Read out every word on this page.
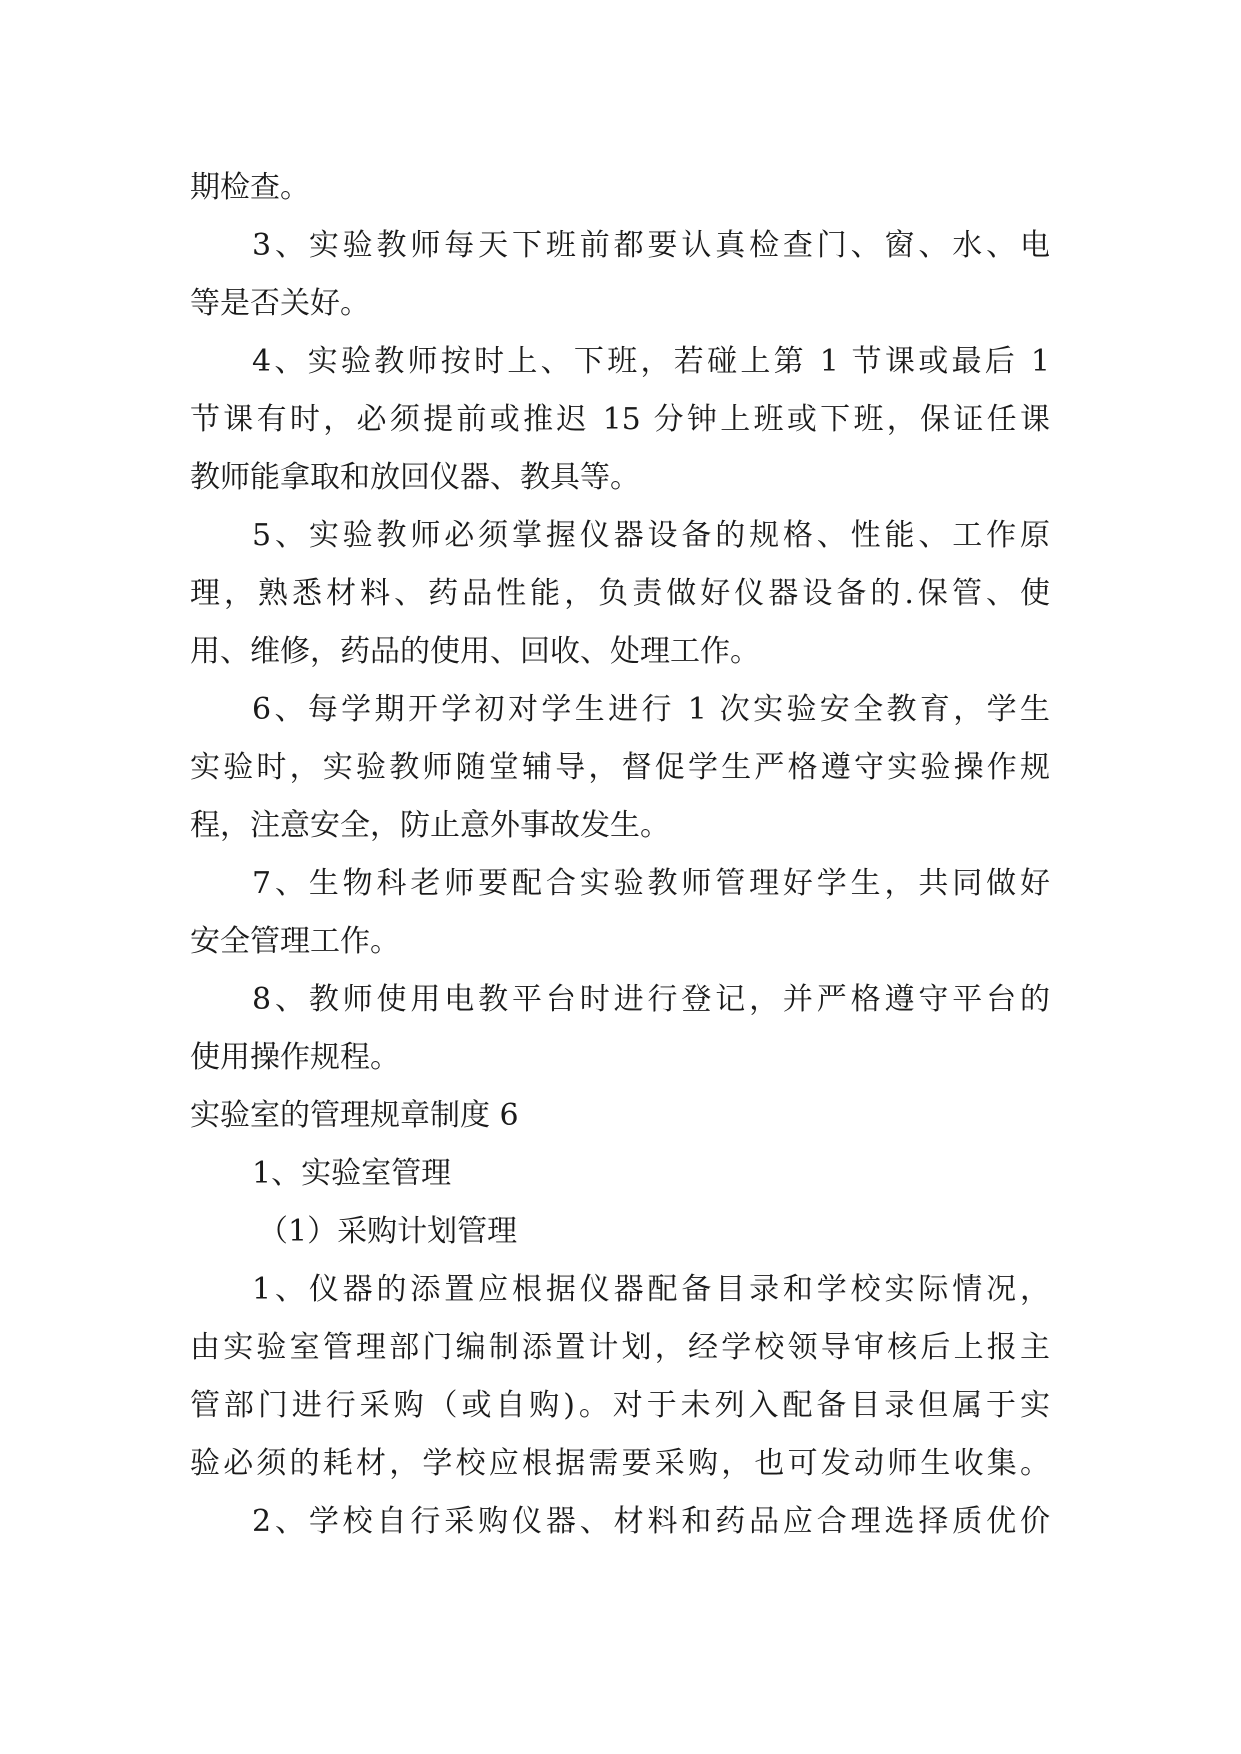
期检查。
3、实验教师每天下班前都要认真检查门、窗、水、电
等是否关好。
4、实验教师按时上、下班，若碰上第 1 节课或最后 1
节课有时，必须提前或推迟 15 分钟上班或下班，保证任课
教师能拿取和放回仪器、教具等。
5、实验教师必须掌握仪器设备的规格、性能、工作原
理，熟悉材料、药品性能，负责做好仪器设备的.保管、使
用、维修，药品的使用、回收、处理工作。
6、每学期开学初对学生进行 1 次实验安全教育，学生
实验时，实验教师随堂辅导，督促学生严格遵守实验操作规
程，注意安全，防止意外事故发生。
7、生物科老师要配合实验教师管理好学生，共同做好
安全管理工作。
8、教师使用电教平台时进行登记，并严格遵守平台的
使用操作规程。
实验室的管理规章制度 6
1、实验室管理
（1）采购计划管理
1、仪器的添置应根据仪器配备目录和学校实际情况，
由实验室管理部门编制添置计划，经学校领导审核后上报主
管部门进行采购（或自购)。对于未列入配备目录但属于实
验必须的耗材，学校应根据需要采购，也可发动师生收集。
2、学校自行采购仪器、材料和药品应合理选择质优价
